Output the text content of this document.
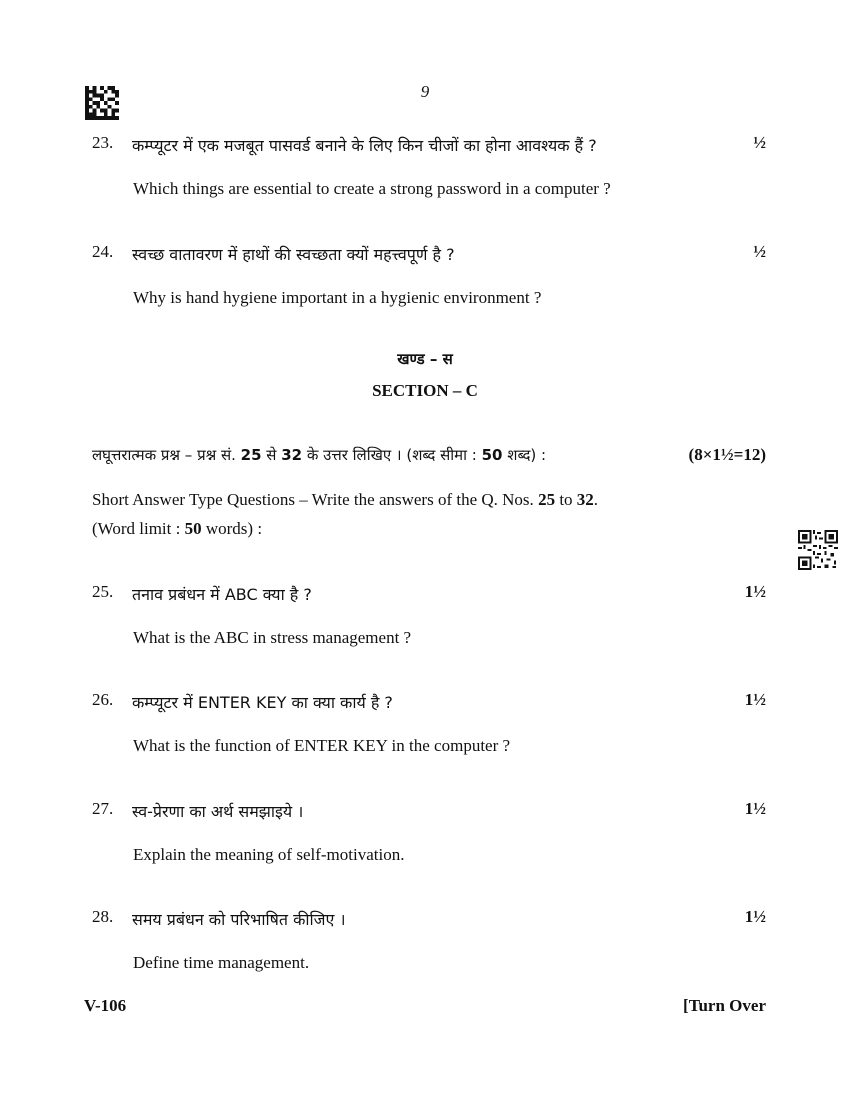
9
23. कम्प्यूटर में एक मजबूत पासवर्ड बनाने के लिए किन चीजों का होना आवश्यक हैं ?	½
Which things are essential to create a strong password in a computer ?
24. स्वच्छ वातावरण में हाथों की स्वच्छता क्यों महत्त्वपूर्ण है ?	½
Why is hand hygiene important in a hygienic environment ?
खण्ड – स
SECTION – C
लघूत्तरात्मक प्रश्न – प्रश्न सं. 25 से 32 के उत्तर लिखिए । (शब्द सीमा : 50 शब्द) :	(8×1½=12)
Short Answer Type Questions – Write the answers of the Q. Nos. 25 to 32.
(Word limit : 50 words) :
25. तनाव प्रबंधन में ABC क्या है ?	1½
What is the ABC in stress management ?
26. कम्प्यूटर में ENTER KEY का क्या कार्य है ?	1½
What is the function of ENTER KEY in the computer ?
27. स्व-प्रेरणा का अर्थ समझाइये ।	1½
Explain the meaning of self-motivation.
28. समय प्रबंधन को परिभाषित कीजिए ।	1½
Define time management.
V-106	[Turn Over
